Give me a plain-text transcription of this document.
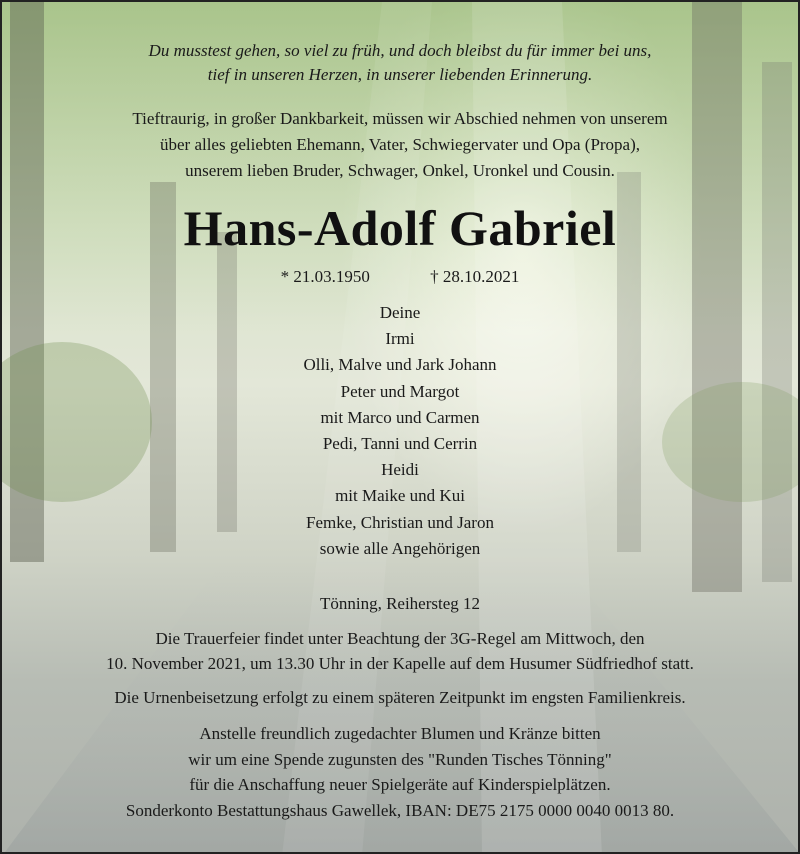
Du musstest gehen, so viel zu früh, und doch bleibst du für immer bei uns,
tief in unseren Herzen, in unserer liebenden Erinnerung.
Tieftraurig, in großer Dankbarkeit, müssen wir Abschied nehmen von unserem
über alles geliebten Ehemann, Vater, Schwiegervater und Opa (Propa),
unserem lieben Bruder, Schwager, Onkel, Uronkel und Cousin.
Hans-Adolf Gabriel
* 21.03.1950	† 28.10.2021
Deine
Irmi
Olli, Malve und Jark Johann
Peter und Margot
mit Marco und Carmen
Pedi, Tanni und Cerrin
Heidi
mit Maike und Kui
Femke, Christian und Jaron
sowie alle Angehörigen
Tönning, Reihersteg 12
Die Trauerfeier findet unter Beachtung der 3G-Regel am Mittwoch, den
10. November 2021, um 13.30 Uhr in der Kapelle auf dem Husumer Südfriedhof statt.
Die Urnenbeisetzung erfolgt zu einem späteren Zeitpunkt im engsten Familienkreis.
Anstelle freundlich zugedachter Blumen und Kränze bitten
wir um eine Spende zugunsten des "Runden Tisches Tönning"
für die Anschaffung neuer Spielgeräte auf Kinderspielplätzen.
Sonderkonto Bestattungshaus Gawellek, IBAN: DE75 2175 0000 0040 0013 80.
